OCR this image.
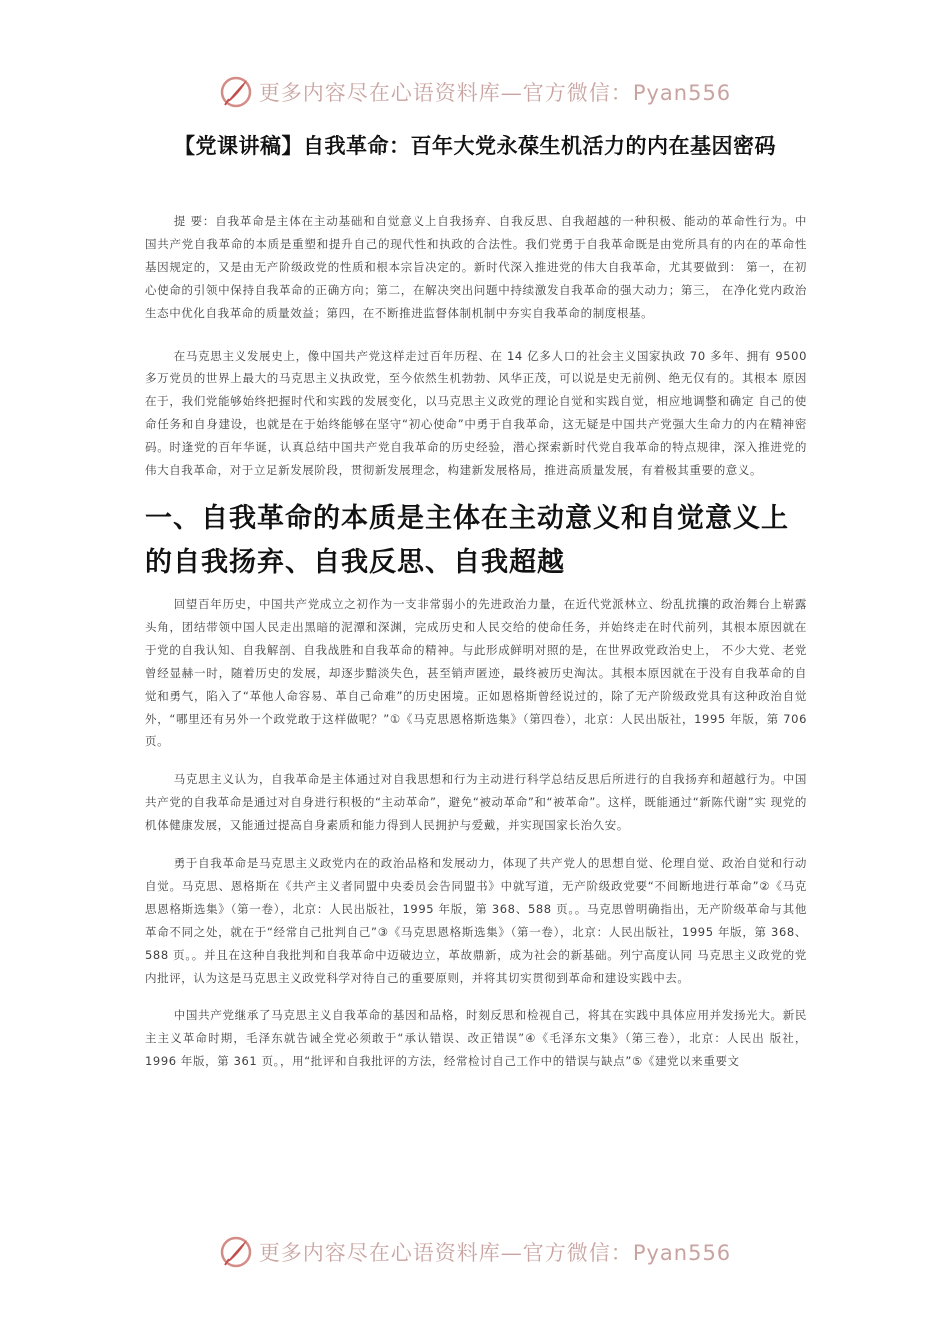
更多内容尽在心语资料库—官方微信：Pyan556
【党课讲稿】自我革命：百年大党永葆生机活力的内在基因密码

提 要：自我革命是主体在主动基础和自觉意义上自我扬弃、自我反思、自我超越的一种积极、能动的革命性行为。中国共产党自我革命的本质是重塑和提升自己的现代性和执政的合法性。我们党勇于自我革命既是由党所具有的内在的革命性基因规定的，又是由无产阶级政党的性质和根本宗旨决定的。新时代深入推进党的伟大自我革命，尤其要做到： 第一，在初心使命的引领中保持自我革命的正确方向；第二，在解决突出问题中持续激发自我革命的强大动力；第三， 在净化党内政治生态中优化自我革命的质量效益；第四，在不断推进监督体制机制中夯实自我革命的制度根基。

在马克思主义发展史上，像中国共产党这样走过百年历程、在 14 亿多人口的社会主义国家执政 70 多年、拥有 9500 多万党员的世界上最大的马克思主义执政党，至今依然生机勃勃、风华正茂，可以说是史无前例、绝无仅有的。其根本 原因在于，我们党能够始终把握时代和实践的发展变化，以马克思主义政党的理论自觉和实践自觉，相应地调整和确定 自己的使命任务和自身建设，也就是在于始终能够在坚守“初心使命”中勇于自我革命，这无疑是中国共产党强大生命力的内在精神密码。时逢党的百年华诞，认真总结中国共产党自我革命的历史经验，潜心探索新时代党自我革命的特点规律，深入推进党的伟大自我革命，对于立足新发展阶段，贯彻新发展理念，构建新发展格局，推进高质量发展，有着极其重要的意义。

一、自我革命的本质是主体在主动意义和自觉意义上的自我扬弃、自我反思、自我超越

回望百年历史，中国共产党成立之初作为一支非常弱小的先进政治力量，在近代党派林立、纷乱扰攘的政治舞台上崭露头角，团结带领中国人民走出黑暗的泥潭和深渊，完成历史和人民交给的使命任务，并始终走在时代前列，其根本原因就在于党的自我认知、自我解剖、自我战胜和自我革命的精神。与此形成鲜明对照的是，在世界政党政治史上， 不少大党、老党曾经显赫一时，随着历史的发展，却逐步黯淡失色，甚至销声匿迹，最终被历史淘汰。其根本原因就在于没有自我革命的自觉和勇气，陷入了“革他人命容易、革自己命难”的历史困境。正如恩格斯曾经说过的，除了无产阶级政党具有这种政治自觉外，“哪里还有另外一个政党敢于这样做呢？”①《马克思恩格斯选集》（第四卷），北京：人民出版社，1995 年版，第 706 页。

马克思主义认为，自我革命是主体通过对自我思想和行为主动进行科学总结反思后所进行的自我扬弃和超越行为。中国共产党的自我革命是通过对自身进行积极的“主动革命”，避免“被动革命”和“被革命”。这样，既能通过“新陈代谢”实 现党的机体健康发展，又能通过提高自身素质和能力得到人民拥护与爱戴，并实现国家长治久安。

勇于自我革命是马克思主义政党内在的政治品格和发展动力，体现了共产党人的思想自觉、伦理自觉、政治自觉和行动自觉。马克思、恩格斯在《共产主义者同盟中央委员会告同盟书》中就写道，无产阶级政党要“不间断地进行革命”②《马克思恩格斯选集》（第一卷），北京：人民出版社，1995 年版，第 368、588 页。。马克思曾明确指出，无产阶级革命与其他革命不同之处，就在于“经常自己批判自己”③《马克思恩格斯选集》（第一卷），北京：人民出版社，1995 年版，第 368、588 页。。并且在这种自我批判和自我革命中迈破边立，革故鼎新，成为社会的新基础。列宁高度认同 马克思主义政党的党内批评，认为这是马克思主义政党科学对待自己的重要原则，并将其切实贯彻到革命和建设实践中去。

中国共产党继承了马克思主义自我革命的基因和品格，时刻反思和检视自己，将其在实践中具体应用并发扬光大。新民主主义革命时期，毛泽东就告诫全党必须敢于“承认错误、改正错误”④《毛泽东文集》（第三卷），北京：人民出 版社，1996 年版，第 361 页。，用“批评和自我批评的方法，经常检讨自己工作中的错误与缺点”⑤《建党以来重要文

更多内容尽在心语资料库—官方微信：Pyan556
